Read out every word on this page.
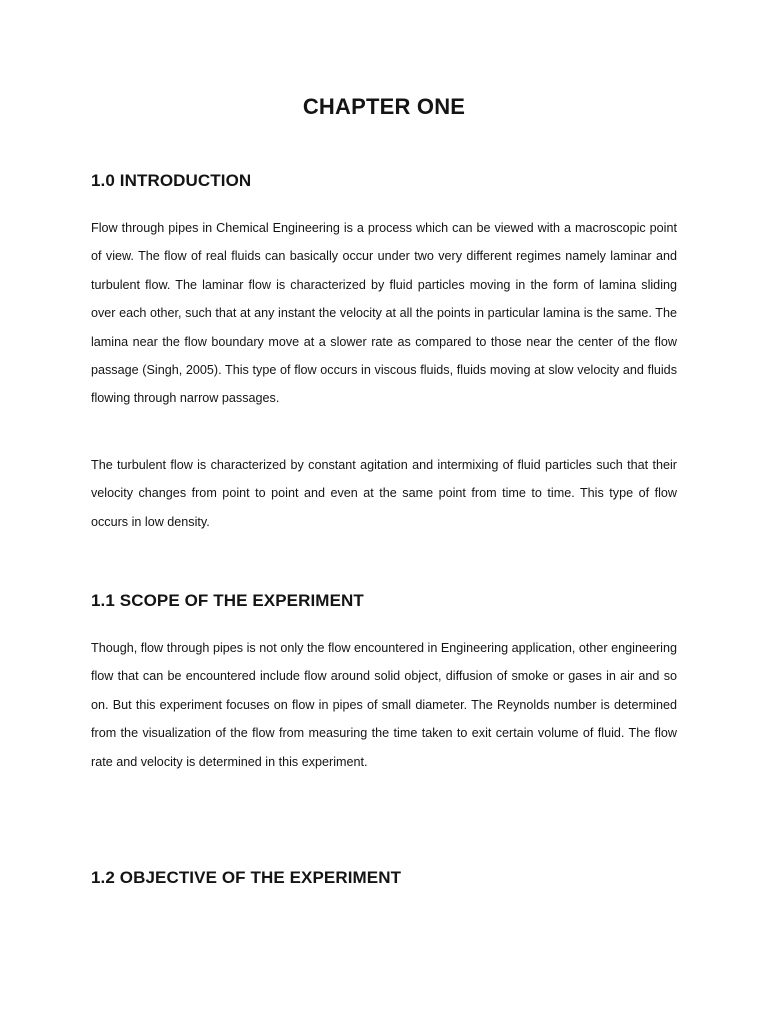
CHAPTER ONE
1.0 INTRODUCTION

Flow through pipes in Chemical Engineering is a process which can be viewed with a macroscopic point of view. The flow of real fluids can basically occur under two very different regimes namely laminar and turbulent flow. The laminar flow is characterized by fluid particles moving in the form of lamina sliding over each other, such that at any instant the velocity at all the points in particular lamina is the same. The lamina near the flow boundary move at a slower rate as compared to those near the center of the flow passage (Singh, 2005). This type of flow occurs in viscous fluids, fluids moving at slow velocity and fluids flowing through narrow passages.

The turbulent flow is characterized by constant agitation and intermixing of fluid particles such that their velocity changes from point to point and even at the same point from time to time. This type of flow occurs in low density.

1.1 SCOPE OF THE EXPERIMENT

Though, flow through pipes is not only the flow encountered in Engineering application, other engineering flow that can be encountered include flow around solid object, diffusion of smoke or gases in air and so on. But this experiment focuses on flow in pipes of small diameter. The Reynolds number is determined from the visualization of the flow from measuring the time taken to exit certain volume of fluid. The flow rate and velocity is determined in this experiment.

1.2 OBJECTIVE OF THE EXPERIMENT
